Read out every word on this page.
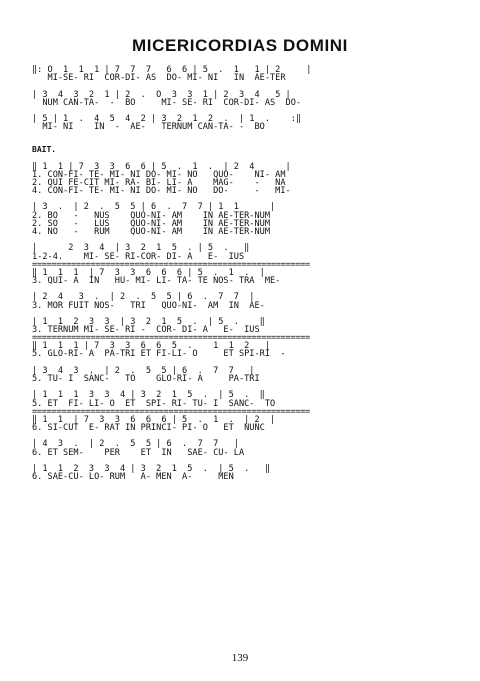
MICERICORDIAS DOMINI
‖: O  1  1  1 | 7  7  7   6  6 | 5  .  1   1 | 2     |
MI-SE- RI  COR-DI- AS  DO- MI- NI   IN  AE-TER
| 3  4  3  2  1 | 2  .  O  3  3  1 | 2  3  4   5 |
NUM CAN-TA-  -  BO     MI- SE- RI  COR-DI- AS  DO-
| 5 | 1  .  4  5  4  2 | 3  2  1  2  .  | 1  .    :‖
MI- NI    IN  -  AE-   TERNUM CAN-TA- -  BO
BAIT.
‖ 1  1 | 7  3  3  6  6 | 5  .  1  .  | 2  4      |
1. CON-FI- TE- MI- NI DO- MI- NO   QUO-    NI- AM
2. QUI FE-CIT MI- RA- BI- LI- A    MAG-    -   NA
4. CON-FI- TE- MI- NI DO- MI- NO   DO-     -   MI-
| 3  .  | 2  .  5  5 | 6  .  7  7 | 1  1      |
2. BO   -   NUS    QUO-NI- AM    IN AE-TER-NUM
2. SO   -   LUS    QUO-NI- AM    IN AE-TER-NUM
4. NO   -   RUM    QUO-NI- AM    IN AE-TER-NUM
|      2  3  4  | 3  2  1  5  . | 5  .   ‖
1-2-4.    MI- SE- RI-COR- DI- A   E-  IUS
=========================================================
‖ 1  1  1  | 7  3  3  6  6  6 | 5  .  1  .  |
3. QUI- A  IN   HU- MI- LI- TA- TE NOS- TRA  ME-
| 2  4   3  .  | 2  .  5  5 | 6  .  7  7  |
3. MOR FUIT NOS-   TRI   QUO-NI-  AM  IN  AE-
| 1  1  2  3  3  | 3  2  1  5  .  | 5  .    ‖
3. TERNUM MI- SE- RI -  COR- DI- A   E-  IUS
=========================================================
‖ 1  1  1 | 7  3  3  6  6  5  .    1  1  2   |
5. GLO-RI- A  PA-TRI ET FI-LI- O     ET SPI-RI  -
| 3  4  3  .  | 2  .  5  5 | 6  .  7  7   |
5. TU- I  SANC-   TO    GLO-RI- A     PA-TRI
| 1  1  1  3  3  4 | 3  2  1  5  .  | 5  .  ‖
5. ET  FI- LI- O  ET  SPI- RI- TU- I  SANC-  TO
=========================================================
‖ 1  1  | 7  3  3  6  6  6 | 5  .  1  .  | 2  |
6. SI-CUT  E- RAT IN PRINCI- PI- O   ET  NUNC
| 4  3  .  | 2  .  5  5 | 6  .  7  7   |
6. ET SEM-    PER    ET  IN   SAE- CU- LA
| 1  1  2  3  3  4 | 3  2  1  5  .  | 5  .   ‖
6. SAE-CU- LO- RUM   A- MEN  A-     MEN
139
